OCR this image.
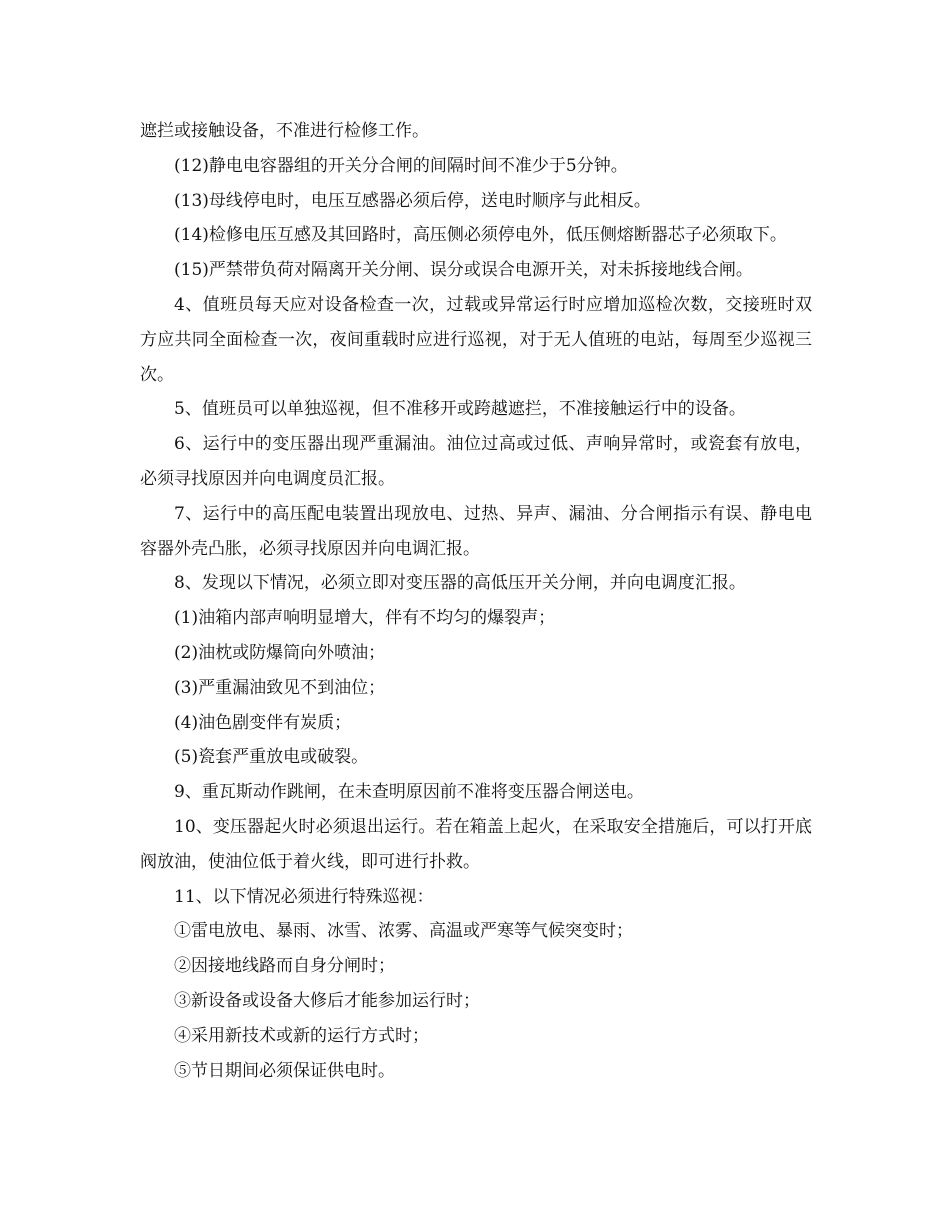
遮拦或接触设备，不准进行检修工作。

(12)静电电容器组的开关分合闸的间隔时间不准少于5分钟。

(13)母线停电时，电压互感器必须后停，送电时顺序与此相反。

(14)检修电压互感及其回路时，高压侧必须停电外，低压侧熔断器芯子必须取下。

(15)严禁带负荷对隔离开关分闸、误分或误合电源开关，对未拆接地线合闸。

4、值班员每天应对设备检查一次，过载或异常运行时应增加巡检次数，交接班时双方应共同全面检查一次，夜间重载时应进行巡视，对于无人值班的电站，每周至少巡视三次。

5、值班员可以单独巡视，但不准移开或跨越遮拦，不准接触运行中的设备。

6、运行中的变压器出现严重漏油。油位过高或过低、声响异常时，或瓷套有放电，必须寻找原因并向电调度员汇报。

7、运行中的高压配电装置出现放电、过热、异声、漏油、分合闸指示有误、静电电容器外壳凸胀，必须寻找原因并向电调汇报。

8、发现以下情况，必须立即对变压器的高低压开关分闸，并向电调度汇报。

(1)油箱内部声响明显增大，伴有不均匀的爆裂声；

(2)油枕或防爆筒向外喷油；

(3)严重漏油致见不到油位；

(4)油色剧变伴有炭质；

(5)瓷套严重放电或破裂。

9、重瓦斯动作跳闸，在未查明原因前不准将变压器合闸送电。

10、变压器起火时必须退出运行。若在箱盖上起火，在采取安全措施后，可以打开底阀放油，使油位低于着火线，即可进行扑救。

11、以下情况必须进行特殊巡视：

①雷电放电、暴雨、冰雪、浓雾、高温或严寒等气候突变时；

②因接地线路而自身分闸时；

③新设备或设备大修后才能参加运行时；

④采用新技术或新的运行方式时；

⑤节日期间必须保证供电时。
